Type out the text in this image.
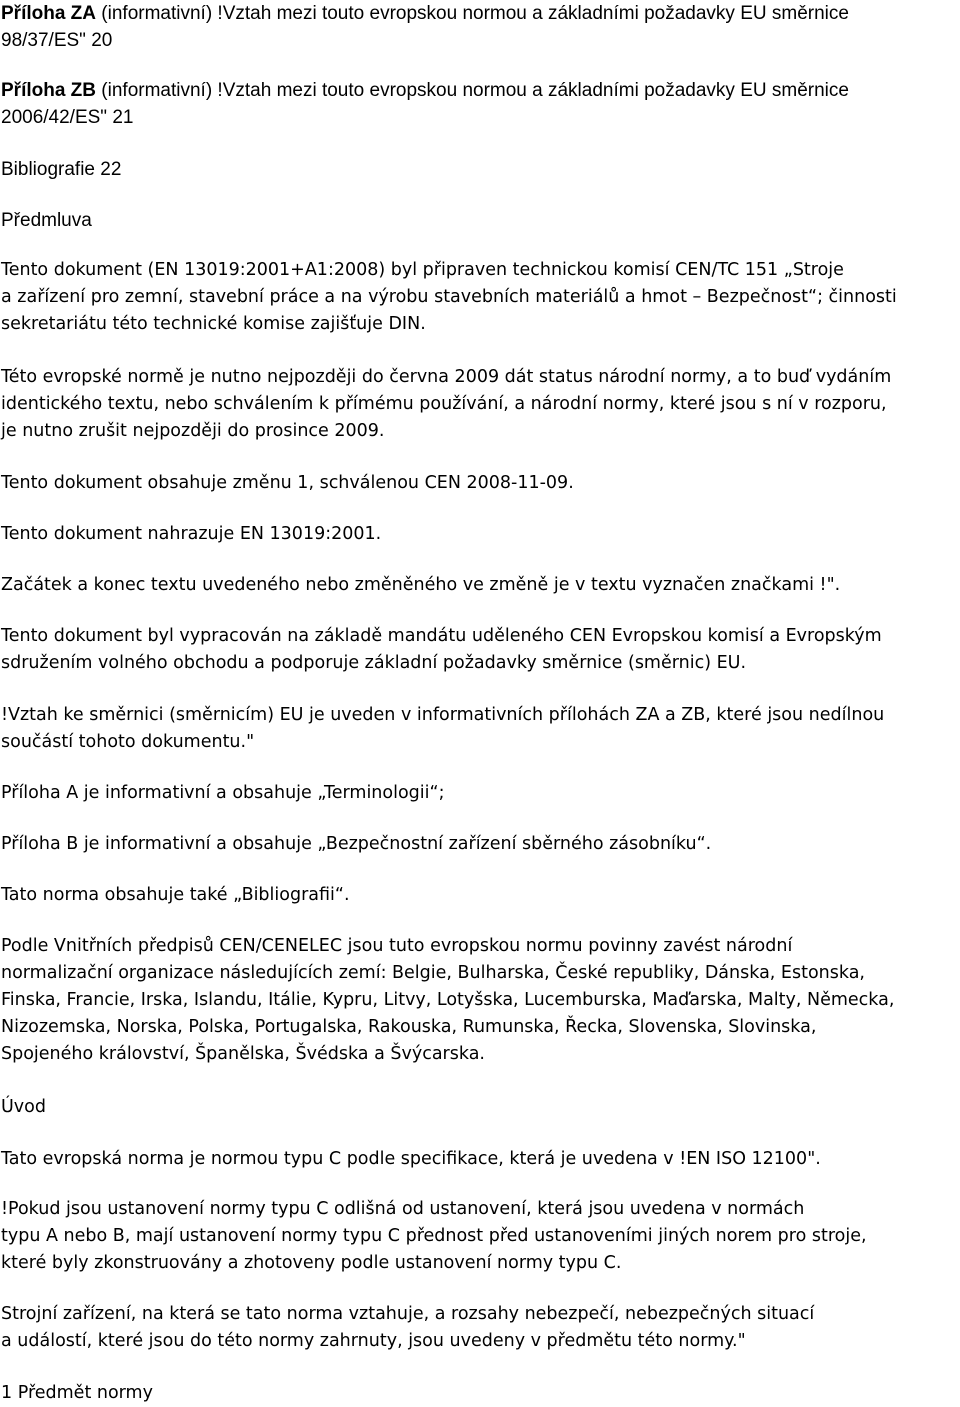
Příloha ZA (informativní) !Vztah mezi touto evropskou normou a základními požadavky EU směrnice
98/37/ES" 20
Příloha ZB (informativní) !Vztah mezi touto evropskou normou a základními požadavky EU směrnice
2006/42/ES" 21
Bibliografie 22
Předmluva
Tento dokument (EN 13019:2001+A1:2008) byl připraven technickou komisí CEN/TC 151 „Stroje
a zařízení pro zemní, stavební práce a na výrobu stavebních materiálů a hmot – Bezpečnost“; činnosti
sekretariátu této technické komise zajišťuje DIN.
Této evropské normě je nutno nejpozději do června 2009 dát status národní normy, a to buď vydáním
identického textu, nebo schválením k přímému používání, a národní normy, které jsou s ní v rozporu,
je nutno zrušit nejpozději do prosince 2009.
Tento dokument obsahuje změnu 1, schválenou CEN 2008-11-09.
Tento dokument nahrazuje EN 13019:2001.
Začátek a konec textu uvedeného nebo změněného ve změně je v textu vyznačen značkami !".
Tento dokument byl vypracován na základě mandátu uděleného CEN Evropskou komisí a Evropským
sdružením volného obchodu a podporuje základní požadavky směrnice (směrnic) EU.
!Vztah ke směrnici (směrnicím) EU je uveden v informativních přílohách ZA a ZB, které jsou nedílnou
součástí tohoto dokumentu."
Příloha A je informativní a obsahuje „Terminologii“;
Příloha B je informativní a obsahuje „Bezpečnostní zařízení sběrného zásobníku“.
Tato norma obsahuje také „Bibliografii“.
Podle Vnitřních předpisů CEN/CENELEC jsou tuto evropskou normu povinny zavést národní
normalizační organizace následujících zemí: Belgie, Bulharska, České republiky, Dánska, Estonska,
Finska, Francie, Irska, Islandu, Itálie, Kypru, Litvy, Lotyšska, Lucemburska, Maďarska, Malty, Německa,
Nizozemska, Norska, Polska, Portugalska, Rakouska, Rumunska, Řecka, Slovenska, Slovinska,
Spojeného království, Španělska, Švédska a Švýcarska.
Úvod
Tato evropská norma je normou typu C podle specifikace, která je uvedena v !EN ISO 12100".
!Pokud jsou ustanovení normy typu C odlišná od ustanovení, která jsou uvedena v normách
typu A nebo B, mají ustanovení normy typu C přednost před ustanoveními jiných norem pro stroje,
které byly zkonstruovány a zhotoveny podle ustanovení normy typu C.
Strojní zařízení, na která se tato norma vztahuje, a rozsahy nebezpečí, nebezpečných situací
a událostí, které jsou do této normy zahrnuty, jsou uvedeny v předmětu této normy."
1 Předmět normy
